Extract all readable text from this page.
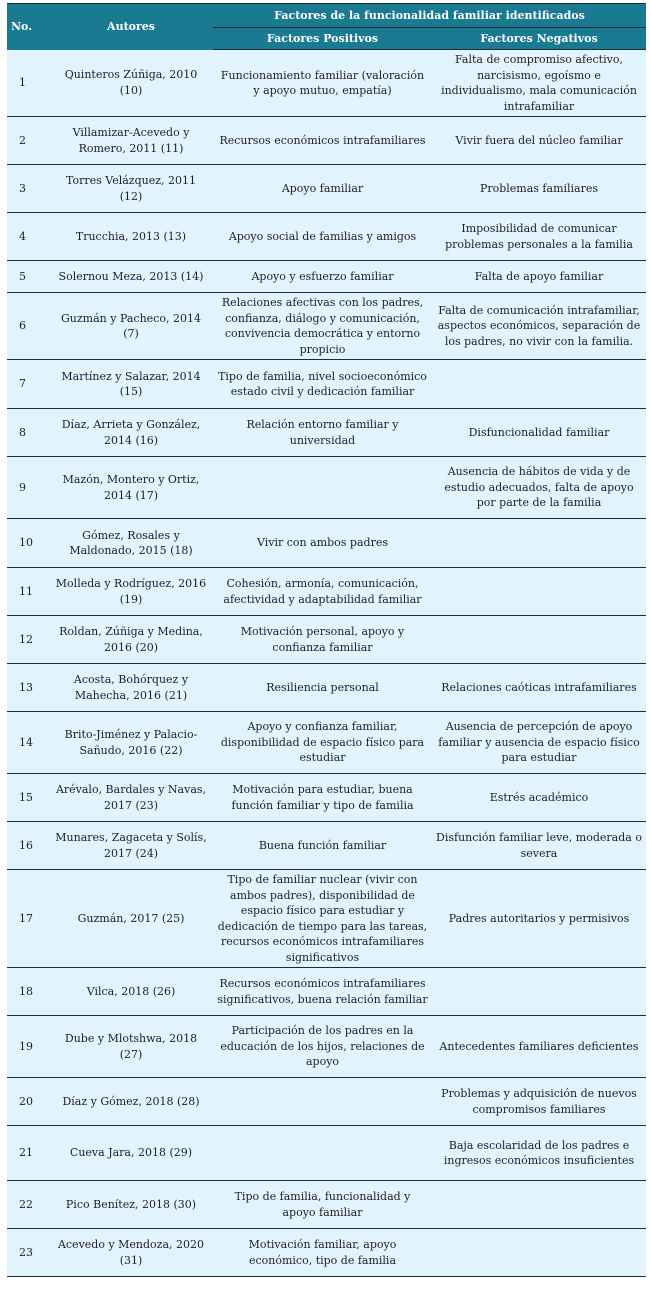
No.	Autores	Factores de la funcionalidad familiar identificados	
		Factores Positivos	Factores Negativos
1	Quinteros Zúñiga, 2010 (10)	Funcionamiento familiar (valoración y apoyo mutuo, empatía)	Falta de compromiso afectivo, narcisismo, egoísmo e individualismo, mala comunicación intrafamiliar
2	Villamizar-Acevedo y Romero, 2011 (11)	Recursos económicos intrafamiliares	Vivir fuera del núcleo familiar
3	Torres Velázquez, 2011 (12)	Apoyo familiar	Problemas familiares
4	Trucchia, 2013 (13)	Apoyo social de familias y amigos	Imposibilidad de comunicar problemas personales a la familia
5	Solernou Meza, 2013 (14)	Apoyo y esfuerzo familiar	Falta de apoyo familiar
6	Guzmán y Pacheco, 2014 (7)	Relaciones afectivas con los padres, confianza, diálogo y comunicación, convivencia democrática y entorno propicio	Falta de comunicación intrafamiliar, aspectos económicos, separación de los padres, no vivir con la familia.
7	Martínez y Salazar, 2014 (15)	Tipo de familia, nivel socioeconómico estado civil y dedicación familiar	
8	Díaz, Arrieta y González, 2014 (16)	Relación entorno familiar y universidad	Disfuncionalidad familiar
9	Mazón, Montero y Ortiz, 2014 (17)		Ausencia de hábitos de vida y de estudio adecuados, falta de apoyo por parte de la familia
10	Gómez, Rosales y Maldonado, 2015 (18)	Vivir con ambos padres	
11	Molleda y Rodríguez, 2016 (19)	Cohesión, armonía, comunicación, afectividad y adaptabilidad familiar	
12	Roldan, Zúñiga y Medina, 2016 (20)	Motivación personal, apoyo y confianza familiar	
13	Acosta, Bohórquez y Mahecha, 2016 (21)	Resiliencia personal	Relaciones caóticas intrafamiliares
14	Brito-Jiménez y Palacio-Sañudo, 2016 (22)	Apoyo y confianza familiar, disponibilidad de espacio físico para estudiar	Ausencia de percepción de apoyo familiar y ausencia de espacio físico para estudiar
15	Arévalo, Bardales y Navas, 2017 (23)	Motivación para estudiar, buena función familiar y tipo de familia	Estrés académico
16	Munares, Zagaceta y Solís, 2017 (24)	Buena función familiar	Disfunción familiar leve, moderada o severa
17	Guzmán, 2017 (25)	Tipo de familiar nuclear (vivir con ambos padres), disponibilidad de espacio físico para estudiar y dedicación de tiempo para las tareas, recursos económicos intrafamiliares significativos	Padres autoritarios y permisivos
18	Vilca, 2018 (26)	Recursos económicos intrafamiliares significativos, buena relación familiar	
19	Dube y Mlotshwa, 2018 (27)	Participación de los padres en la educación de los hijos, relaciones de apoyo	Antecedentes familiares deficientes
20	Díaz y Gómez, 2018 (28)		Problemas y adquisición de nuevos compromisos familiares
21	Cueva Jara, 2018 (29)		Baja escolaridad de los padres e ingresos económicos insuficientes
22	Pico Benítez, 2018 (30)	Tipo de familia, funcionalidad y apoyo familiar	
23	Acevedo y Mendoza, 2020 (31)	Motivación familiar, apoyo económico, tipo de familia	
